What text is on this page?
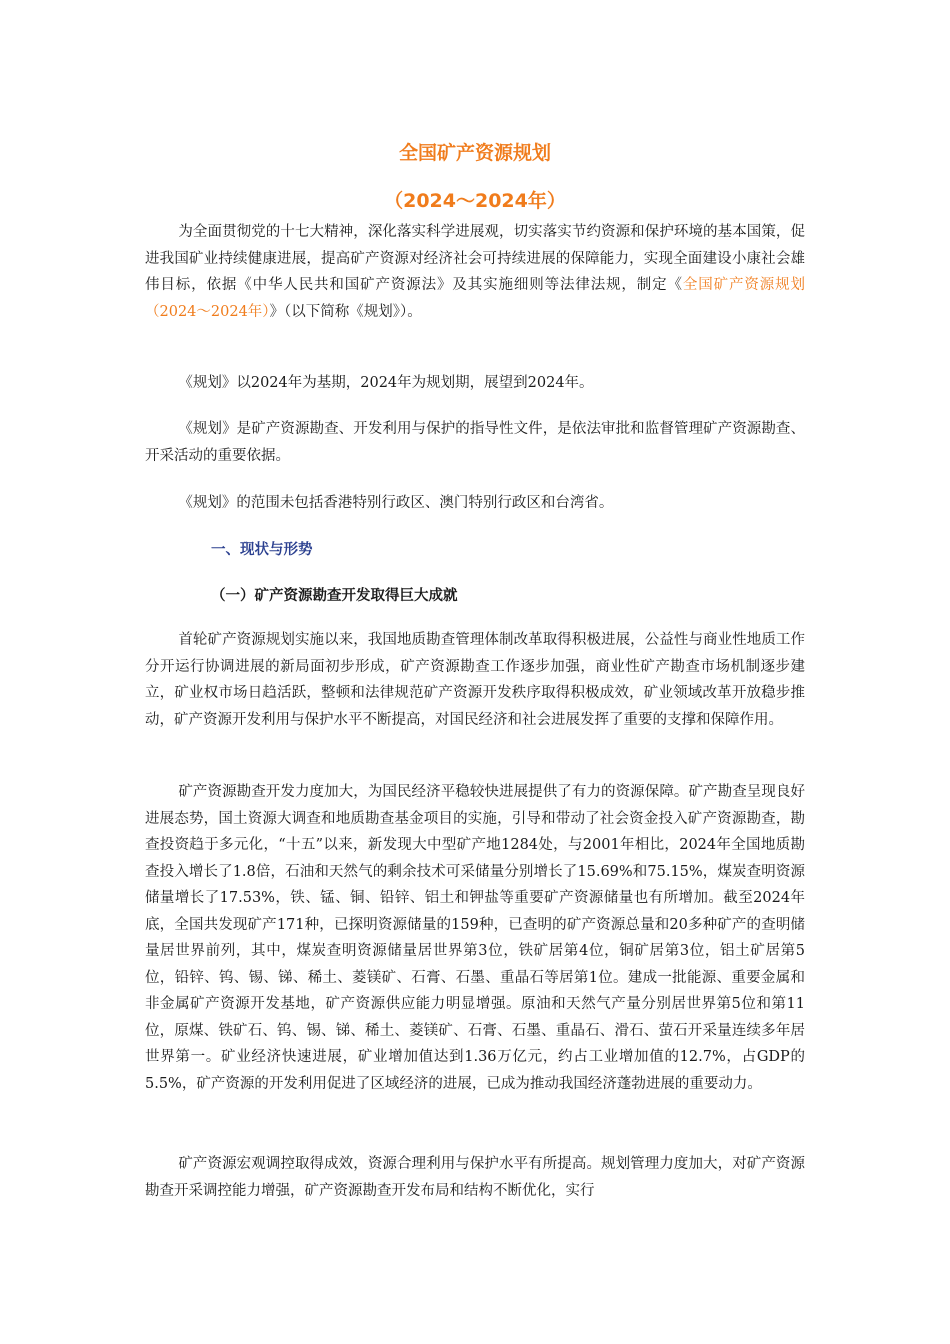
全国矿产资源规划
（2024～2024年）

为全面贯彻党的十七大精神，深化落实科学进展观，切实落实节约资源和保护环境的基本国策，促进我国矿业持续健康进展，提高矿产资源对经济社会可持续进展的保障能力，实现全面建设小康社会雄伟目标，依据《中华人民共和国矿产资源法》及其实施细则等法律法规，制定《全国矿产资源规划（2024～2024年）》（以下简称《规划》）。

《规划》以2024年为基期，2024年为规划期，展望到2024年。

《规划》是矿产资源勘查、开发利用与保护的指导性文件，是依法审批和监督管理矿产资源勘查、开采活动的重要依据。

《规划》的范围未包括香港特别行政区、澳门特别行政区和台湾省。

一、现状与形势
（一）矿产资源勘查开发取得巨大成就

首轮矿产资源规划实施以来，我国地质勘查管理体制改革取得积极进展，公益性与商业性地质工作分开运行协调进展的新局面初步形成，矿产资源勘查工作逐步加强，商业性矿产勘查市场机制逐步建立，矿业权市场日趋活跃，整顿和法律规范矿产资源开发秩序取得积极成效，矿业领域改革开放稳步推动，矿产资源开发利用与保护水平不断提高，对国民经济和社会进展发挥了重要的支撑和保障作用。

矿产资源勘查开发力度加大，为国民经济平稳较快进展提供了有力的资源保障。矿产勘查呈现良好进展态势，国土资源大调查和地质勘查基金项目的实施，引导和带动了社会资金投入矿产资源勘查，勘查投资趋于多元化，“十五”以来，新发现大中型矿产地1284处，与2001年相比，2024年全国地质勘查投入增长了1.8倍，石油和天然气的剩余技术可采储量分别增长了15.69%和75.15%，煤炭查明资源储量增长了17.53%，铁、锰、铜、铅锌、铝土和钾盐等重要矿产资源储量也有所增加。截至2024年底，全国共发现矿产171种，已探明资源储量的159种，已查明的矿产资源总量和20多种矿产的查明储量居世界前列，其中，煤炭查明资源储量居世界第3位，铁矿居第4位，铜矿居第3位，铝土矿居第5位，铅锌、钨、锡、锑、稀土、菱镁矿、石膏、石墨、重晶石等居第1位。建成一批能源、重要金属和非金属矿产资源开发基地，矿产资源供应能力明显增强。原油和天然气产量分别居世界第5位和第11位，原煤、铁矿石、钨、锡、锑、稀土、菱镁矿、石膏、石墨、重晶石、滑石、萤石开采量连续多年居世界第一。矿业经济快速进展，矿业增加值达到1.36万亿元，约占工业增加值的12.7%，占GDP的5.5%，矿产资源的开发利用促进了区域经济的进展，已成为推动我国经济蓬勃进展的重要动力。

矿产资源宏观调控取得成效，资源合理利用与保护水平有所提高。规划管理力度加大，对矿产资源勘查开采调控能力增强，矿产资源勘查开发布局和结构不断优化，实行
